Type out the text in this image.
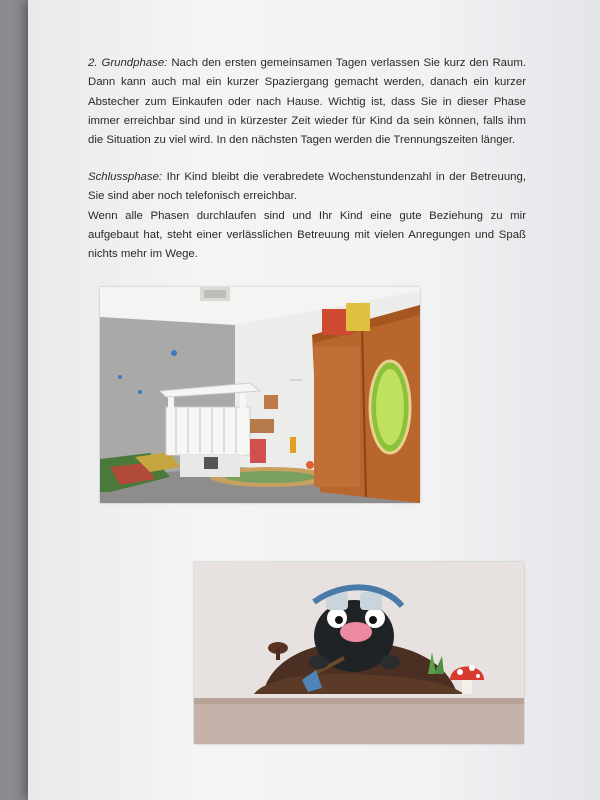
2. Grundphase: Nach den ersten gemeinsamen Tagen verlassen Sie kurz den Raum. Dann kann auch mal ein kurzer Spaziergang gemacht werden, danach ein kurzer Abstecher zum Einkaufen oder nach Hause. Wichtig ist, dass Sie in dieser Phase immer erreichbar sind und in kürzester Zeit wieder für Kind da sein können, falls ihm die Situation zu viel wird. In den nächsten Tagen werden die Trennungszeiten länger.
Schlussphase: Ihr Kind bleibt die verabredete Wochenstundenzahl in der Betreuung, Sie sind aber noch telefonisch erreichbar.
Wenn alle Phasen durchlaufen sind und Ihr Kind eine gute Beziehung zu mir aufgebaut hat, steht einer verlässlichen Betreuung mit vielen Anregungen und Spaß nichts mehr im Wege.
